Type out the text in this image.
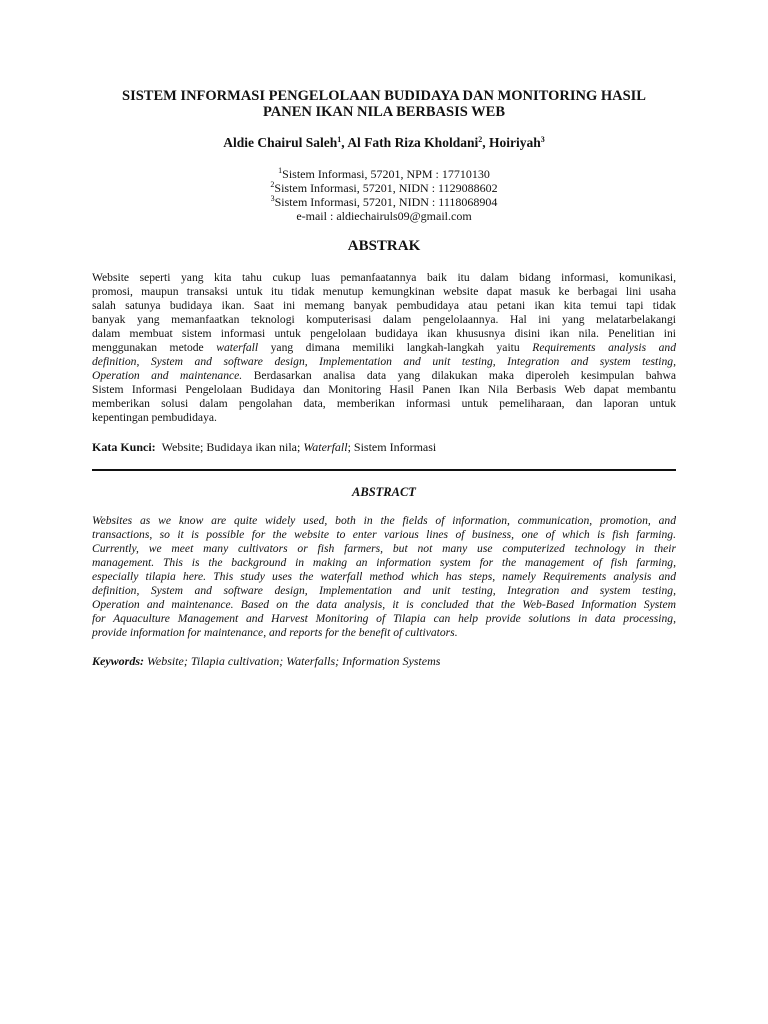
SISTEM INFORMASI PENGELOLAAN BUDIDAYA DAN MONITORING HASIL
PANEN IKAN NILA BERBASIS WEB
Aldie Chairul Saleh$^1$, Al Fath Riza Kholdani$^2$, Hoiriyah$^3$
$^1$Sistem Informasi, 57201, NPM : 17710130
$^2$Sistem Informasi, 57201, NIDN : 1129088602
$^3$Sistem Informasi, 57201, NIDN : 1118068904
e-mail : aldiechairuls09@gmail.com
ABSTRAK
Website seperti yang kita tahu cukup luas pemanfaatannya baik itu dalam bidang informasi, komunikasi,
promosi, maupun transaksi untuk itu tidak menutup kemungkinan website dapat masuk ke berbagai lini usaha
salah satunya budidaya ikan. Saat ini memang banyak pembudidaya atau petani ikan kita temui tapi tidak
banyak yang memanfaatkan teknologi komputerisasi dalam pengelolaannya. Hal ini yang melatarbelakangi
dalam membuat sistem informasi untuk pengelolaan budidaya ikan khususnya disini ikan nila. Penelitian ini
menggunakan metode waterfall yang dimana memiliki langkah-langkah yaitu Requirements analysis and
definition, System and software design, Implementation and unit testing, Integration and system testing,
Operation and maintenance. Berdasarkan analisa data yang dilakukan maka diperoleh kesimpulan bahwa
Sistem Informasi Pengelolaan Budidaya dan Monitoring Hasil Panen Ikan Nila Berbasis Web dapat membantu
memberikan solusi dalam pengolahan data, memberikan informasi untuk pemeliharaan, dan laporan untuk
kepentingan pembudidaya.
Kata Kunci: Website; Budidaya ikan nila; Waterfall; Sistem Informasi
ABSTRACT
Websites as we know are quite widely used, both in the fields of information, communication, promotion, and
transactions, so it is possible for the website to enter various lines of business, one of which is fish farming.
Currently, we meet many cultivators or fish farmers, but not many use computerized technology in their
management. This is the background in making an information system for the management of fish farming,
especially tilapia here. This study uses the waterfall method which has steps, namely Requirements analysis and
definition, System and software design, Implementation and unit testing, Integration and system testing,
Operation and maintenance. Based on the data analysis, it is concluded that the Web-Based Information System
for Aquaculture Management and Harvest Monitoring of Tilapia can help provide solutions in data processing,
provide information for maintenance, and reports for the benefit of cultivators.
Keywords: Website; Tilapia cultivation; Waterfalls; Information Systems
